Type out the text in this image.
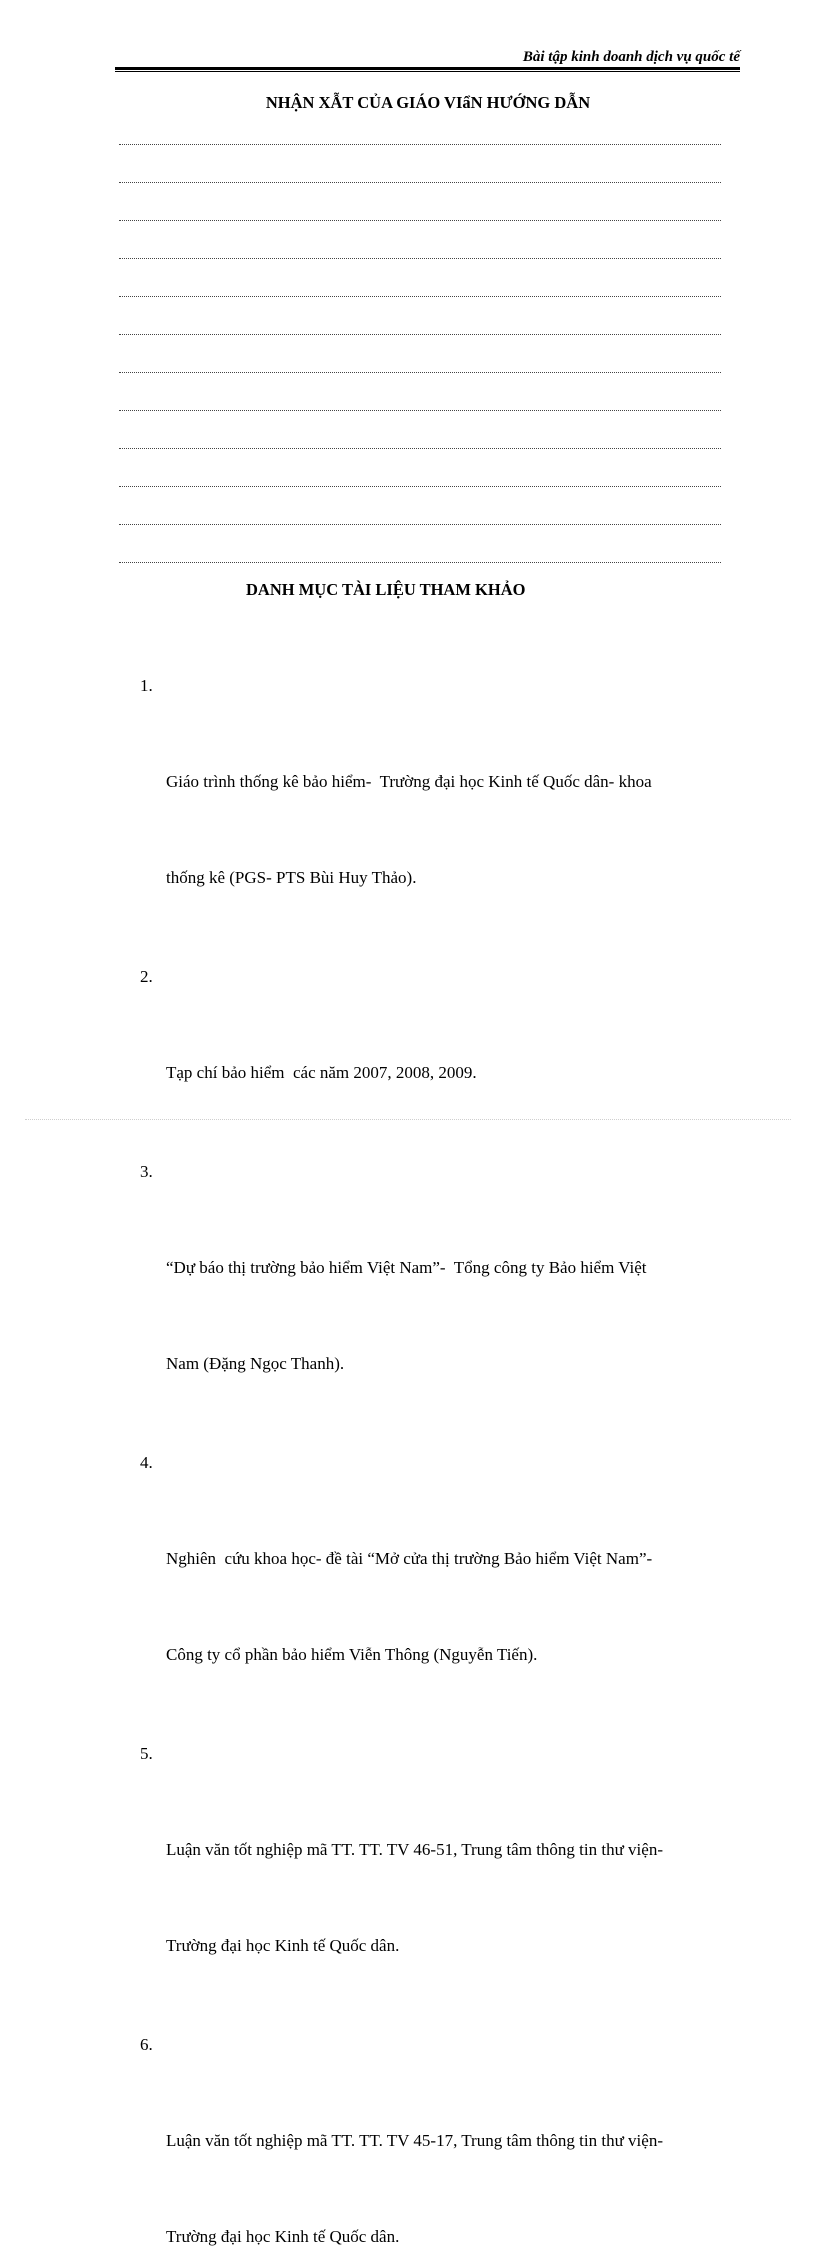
Bài tập kinh doanh dịch vụ quốc tế
NHẬN XẪT CỦA GIÁO VIẩN HƯỚNG DẪN
DANH MỤC TÀI LIỆU THAM KHẢO

1.

Giáo trình thống kê bảo hiểm-  Trường đại học Kinh tế Quốc dân- khoa

thống kê (PGS- PTS Bùi Huy Thảo).

2.

Tạp chí bảo hiểm  các năm 2007, 2008, 2009.

3.

“Dự báo thị trường bảo hiểm Việt Nam”-  Tổng công ty Bảo hiểm Việt

Nam (Đặng Ngọc Thanh).

4.

Nghiên  cứu khoa học- đề tài “Mở cửa thị trường Bảo hiểm Việt Nam”-

Công ty cổ phần bảo hiểm Viễn Thông (Nguyễn Tiến).

5.

Luận văn tốt nghiệp mã TT. TT. TV 46-51, Trung tâm thông tin thư viện-

Trường đại học Kinh tế Quốc dân.

6.

Luận văn tốt nghiệp mã TT. TT. TV 45-17, Trung tâm thông tin thư viện-

Trường đại học Kinh tế Quốc dân.
